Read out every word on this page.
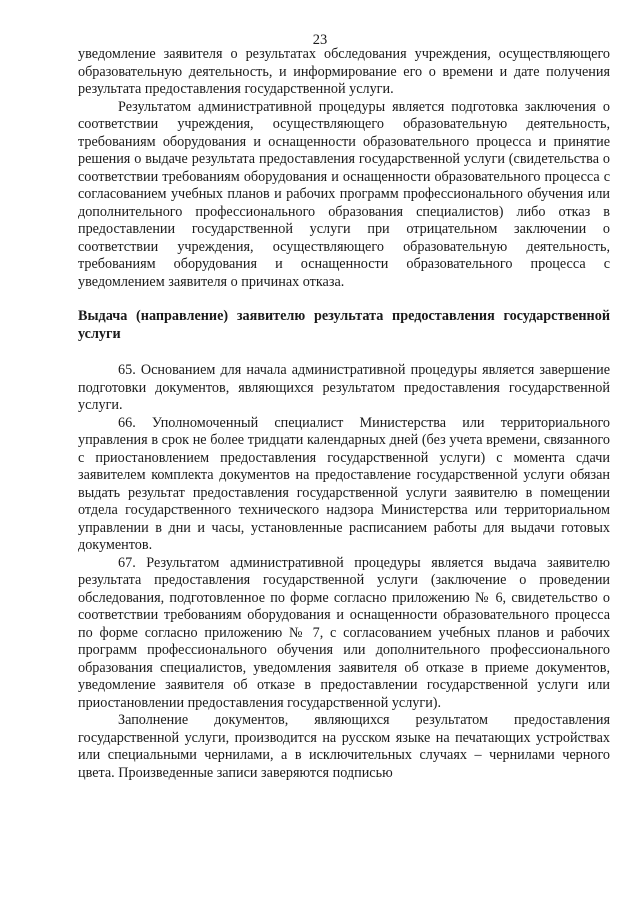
23

уведомление заявителя о результатах обследования учреждения, осуществляющего образовательную деятельность, и информирование его о времени и дате получения результата предоставления государственной услуги.

Результатом административной процедуры является подготовка заключения о соответствии учреждения, осуществляющего образовательную деятельность, требованиям оборудования и оснащенности образовательного процесса и принятие решения о выдаче результата предоставления государственной услуги (свидетельства о соответствии требованиям оборудования и оснащенности образовательного процесса с согласованием учебных планов и рабочих программ профессионального обучения или дополнительного профессионального образования специалистов) либо отказ в предоставлении государственной услуги при отрицательном заключении о соответствии учреждения, осуществляющего образовательную деятельность, требованиям оборудования и оснащенности образовательного процесса с уведомлением заявителя о причинах отказа.

Выдача (направление) заявителю результата предоставления государственной услуги

65. Основанием для начала административной процедуры является завершение подготовки документов, являющихся результатом предоставления государственной услуги.

66. Уполномоченный специалист Министерства или территориального управления в срок не более тридцати календарных дней (без учета времени, связанного с приостановлением предоставления государственной услуги) с момента сдачи заявителем комплекта документов на предоставление государственной услуги обязан выдать результат предоставления государственной услуги заявителю в помещении отдела государственного технического надзора Министерства или территориальном управлении в дни и часы, установленные расписанием работы для выдачи готовых документов.

67. Результатом административной процедуры является выдача заявителю результата предоставления государственной услуги (заключение о проведении обследования, подготовленное по форме согласно приложению № 6, свидетельство о соответствии требованиям оборудования и оснащенности образовательного процесса по форме согласно приложению № 7, с согласованием учебных планов и рабочих программ профессионального обучения или дополнительного профессионального образования специалистов, уведомления заявителя об отказе в приеме документов, уведомление заявителя об отказе в предоставлении государственной услуги или приостановлении предоставления государственной услуги).

Заполнение документов, являющихся результатом предоставления государственной услуги, производится на русском языке на печатающих устройствах или специальными чернилами, а в исключительных случаях – чернилами черного цвета. Произведенные записи заверяются подписью
